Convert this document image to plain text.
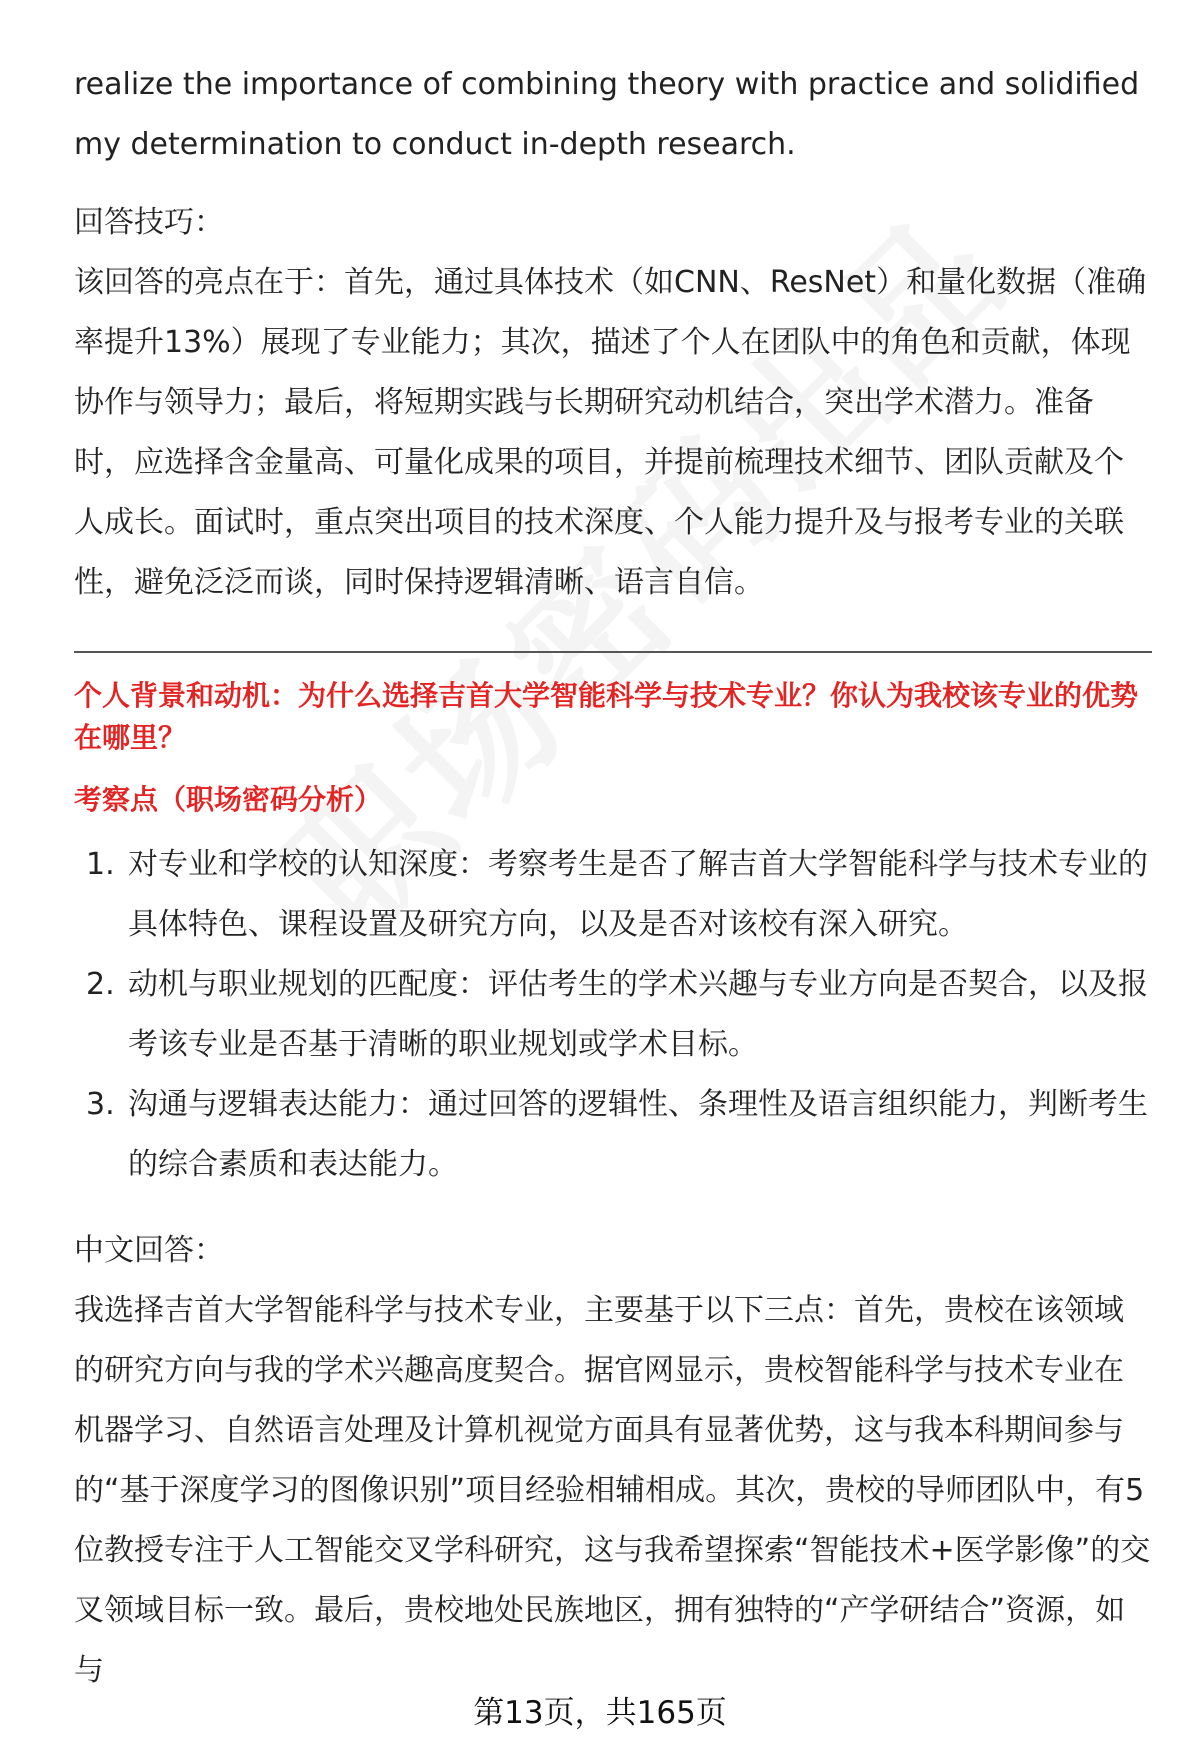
realize the importance of combining theory with practice and solidified my determination to conduct in-depth research.

回答技巧：

该回答的亮点在于：首先，通过具体技术（如CNN、ResNet）和量化数据（准确率提升13%）展现了专业能力；其次，描述了个人在团队中的角色和贡献，体现协作与领导力；最后，将短期实践与长期研究动机结合，突出学术潜力。准备时，应选择含金量高、可量化成果的项目，并提前梳理技术细节、团队贡献及个人成长。面试时，重点突出项目的技术深度、个人能力提升及与报考专业的关联性，避免泛泛而谈，同时保持逻辑清晰、语言自信。

个人背景和动机：为什么选择吉首大学智能科学与技术专业？你认为我校该专业的优势在哪里？
考察点（职场密码分析）
1. 对专业和学校的认知深度：考察考生是否了解吉首大学智能科学与技术专业的具体特色、课程设置及研究方向，以及是否对该校有深入研究。
2. 动机与职业规划的匹配度：评估考生的学术兴趣与专业方向是否契合，以及报考该专业是否基于清晰的职业规划或学术目标。
3. 沟通与逻辑表达能力：通过回答的逻辑性、条理性及语言组织能力，判断考生的综合素质和表达能力。

中文回答：

我选择吉首大学智能科学与技术专业，主要基于以下三点：首先，贵校在该领域的研究方向与我的学术兴趣高度契合。据官网显示，贵校智能科学与技术专业在机器学习、自然语言处理及计算机视觉方面具有显著优势，这与我本科期间参与的“基于深度学习的图像识别”项目经验相辅相成。其次，贵校的导师团队中，有5位教授专注于人工智能交叉学科研究，这与我希望探索“智能技术+医学影像”的交叉领域目标一致。最后，贵校地处民族地区，拥有独特的“产学研结合”资源，如与

第13页，共165页
